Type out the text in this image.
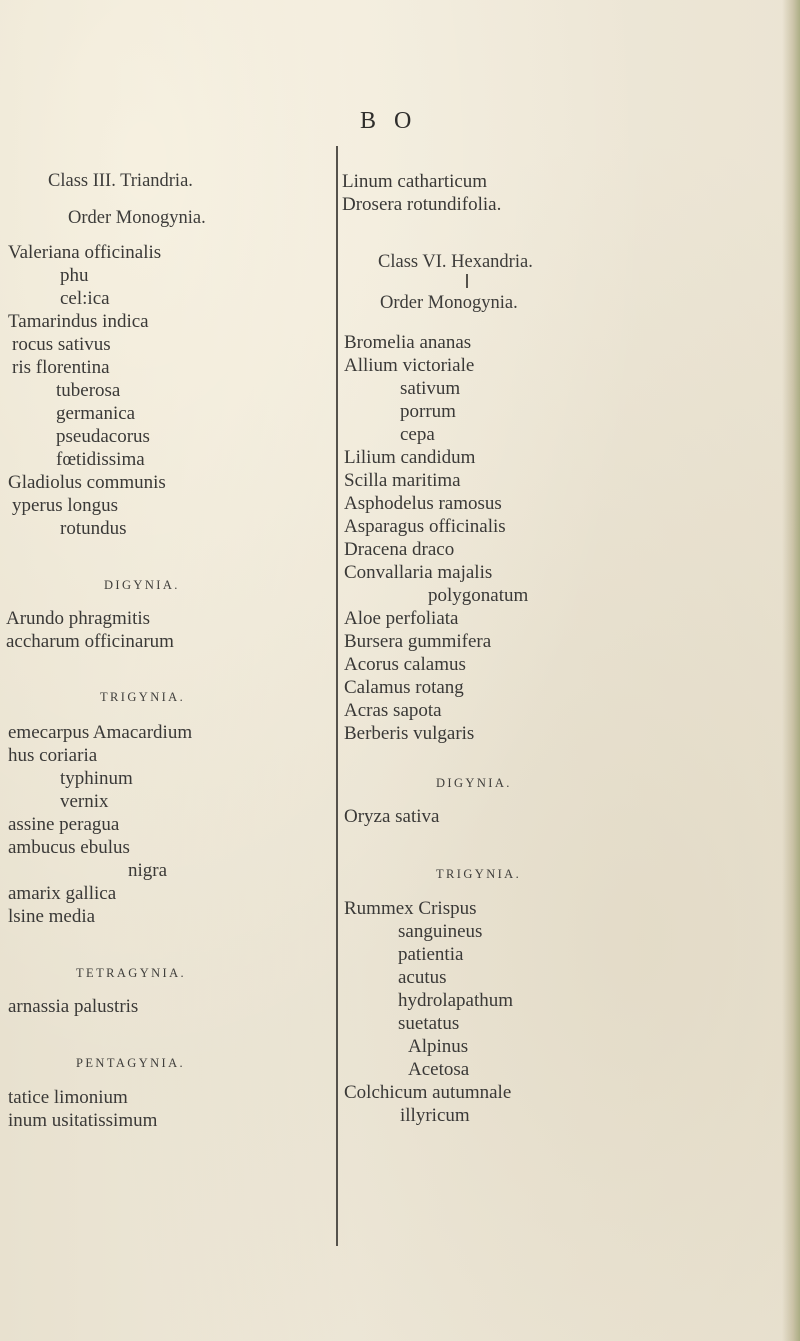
B O
Class III. Triandria.
Order Monogynia.
Valeriana officinalis
phu
cel:ica
Tamarindus indica
rocus sativus
ris florentina
tuberosa
germanica
pseudacorus
fœtidissima
Gladiolus communis
yperus longus
rotundus
DIGYNIA.
Arundo phragmitis
accharum officinarum
TRIGYNIA.
emecarpus Amacardium
hus coriaria
typhinum
vernix
assine peragua
ambucus ebulus
nigra
amarix gallica
lsine media
TETRAGYNIA.
arnassia palustris
PENTAGYNIA.
tatice limonium
inum usitatissimum
Linum catharticum
Drosera rotundifolia.
Class VI. Hexandria.
Order Monogynia.
Bromelia ananas
Allium victoriale
sativum
porrum
cepa
Lilium candidum
Scilla maritima
Asphodelus ramosus
Asparagus officinalis
Dracena draco
Convallaria majalis
polygonatum
Aloe perfoliata
Bursera gummifera
Acorus calamus
Calamus rotang
Acras sapota
Berberis vulgaris
DIGYNIA.
Oryza sativa
TRIGYNIA.
Rummex Crispus
sanguineus
patientia
acutus
hydrolapathum
suetatus
Alpinus
Acetosa
Colchicum autumnale
illyricum
